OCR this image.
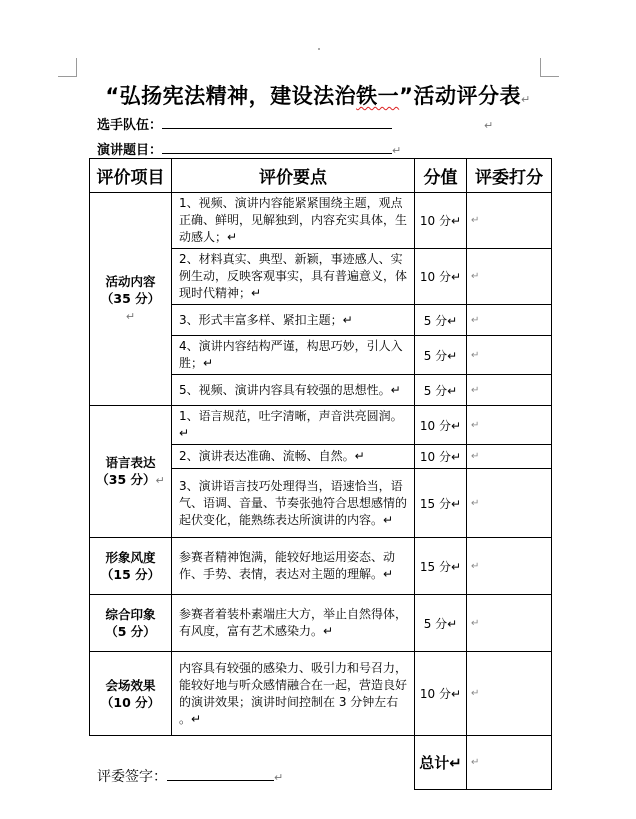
“弘扬宪法精神，建设法治铁一”活动评分表↵
选手队伍：	↵
演讲题目：	↵
评价项目	评价要点	分值	评委打分
活动内容
（35 分）
↵	1、视频、演讲内容能紧紧围绕主题，观点正确、鲜明，见解独到，内容充实具体，生动感人；↵	10 分↵	↵
	2、材料真实、典型、新颖，事迹感人、实例生动，反映客观事实，具有普遍意义，体现时代精神；↵	10 分↵	↵
	3、形式丰富多样、紧扣主题；↵	5 分↵	↵
	4、演讲内容结构严谨，构思巧妙，引人入胜；↵	5 分↵	↵
	5、视频、演讲内容具有较强的思想性。↵	5 分↵	↵
语言表达
（35 分）↵	1、语言规范，吐字清晰，声音洪亮圆润。↵	10 分↵	↵
	2、演讲表达准确、流畅、自然。↵	10 分↵	↵
	3、演讲语言技巧处理得当，语速恰当，语气、语调、音量、节奏张弛符合思想感情的起伏变化，能熟练表达所演讲的内容。↵	15 分↵	↵
形象风度
（15 分）	参赛者精神饱满，能较好地运用姿态、动作、手势、表情，表达对主题的理解。↵	15 分↵	↵
综合印象
（5 分）	参赛者着装朴素端庄大方，举止自然得体，有风度，富有艺术感染力。↵	5 分↵	↵
会场效果
（10 分）	内容具有较强的感染力、吸引力和号召力，能较好地与听众感情融合在一起，营造良好的演讲效果；演讲时间控制在 3 分钟左右 。↵	10 分↵	↵
		总计↵	↵
评委签字：	↵
